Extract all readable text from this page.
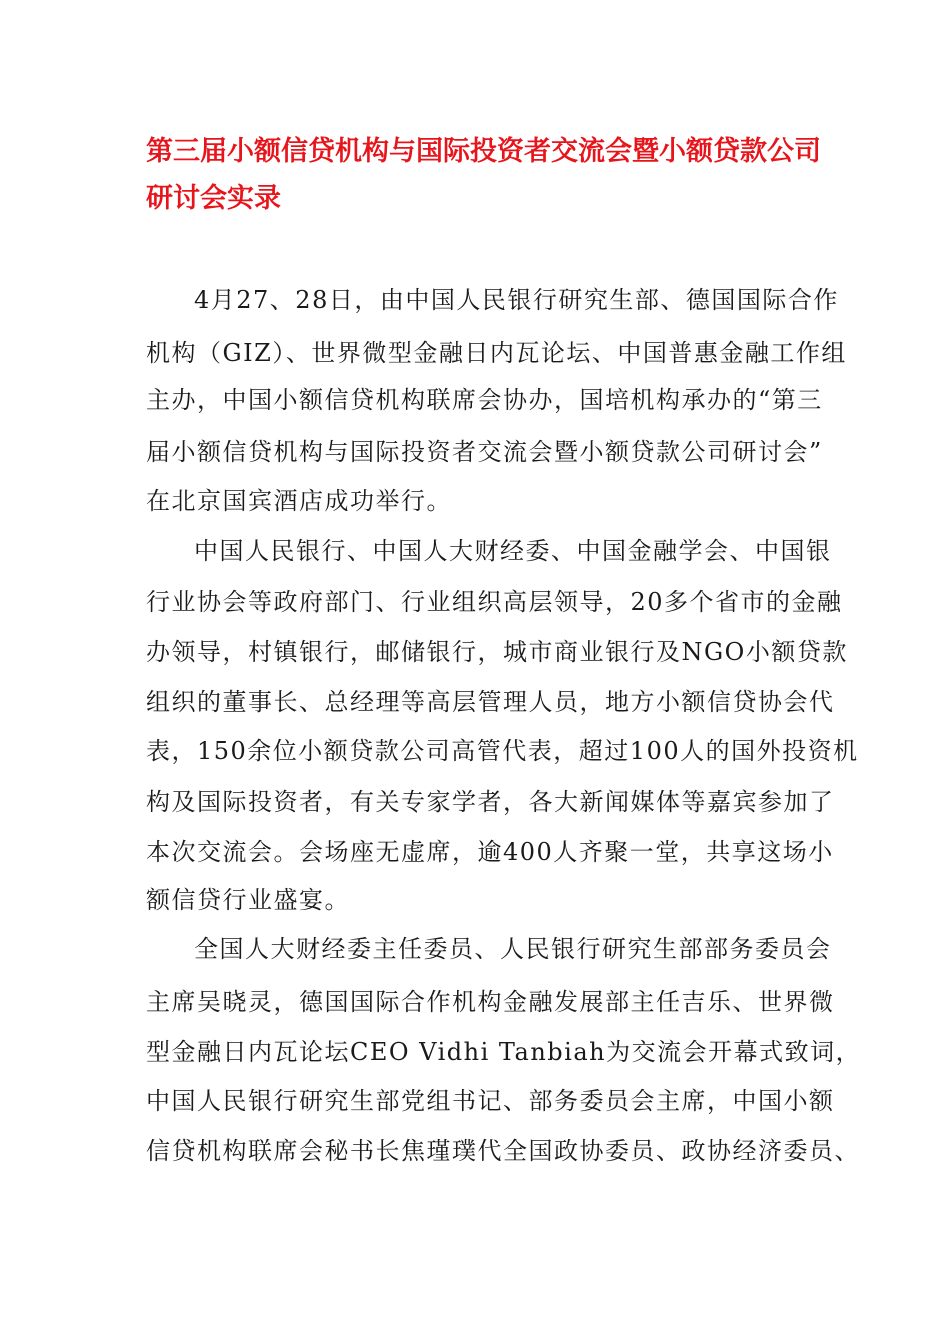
第三届小额信贷机构与国际投资者交流会暨小额贷款公司研讨会实录

4月27、28日，由中国人民银行研究生部、德国国际合作

机构（GIZ）、世界微型金融日内瓦论坛、中国普惠金融工作组

主办，中国小额信贷机构联席会协办，国培机构承办的“第三

届小额信贷机构与国际投资者交流会暨小额贷款公司研讨会”

在北京国宾酒店成功举行。

中国人民银行、中国人大财经委、中国金融学会、中国银

行业协会等政府部门、行业组织高层领导，20多个省市的金融

办领导，村镇银行，邮储银行，城市商业银行及NGO小额贷款

组织的董事长、总经理等高层管理人员，地方小额信贷协会代

表，150余位小额贷款公司高管代表，超过100人的国外投资机

构及国际投资者，有关专家学者，各大新闻媒体等嘉宾参加了

本次交流会。会场座无虚席，逾400人齐聚一堂，共享这场小

额信贷行业盛宴。

全国人大财经委主任委员、人民银行研究生部部务委员会

主席吴晓灵，德国国际合作机构金融发展部主任吉乐、世界微

型金融日内瓦论坛CEO Vidhi Tanbiah为交流会开幕式致词，

中国人民银行研究生部党组书记、部务委员会主席，中国小额

信贷机构联席会秘书长焦瑾璞代全国政协委员、政协经济委员、
